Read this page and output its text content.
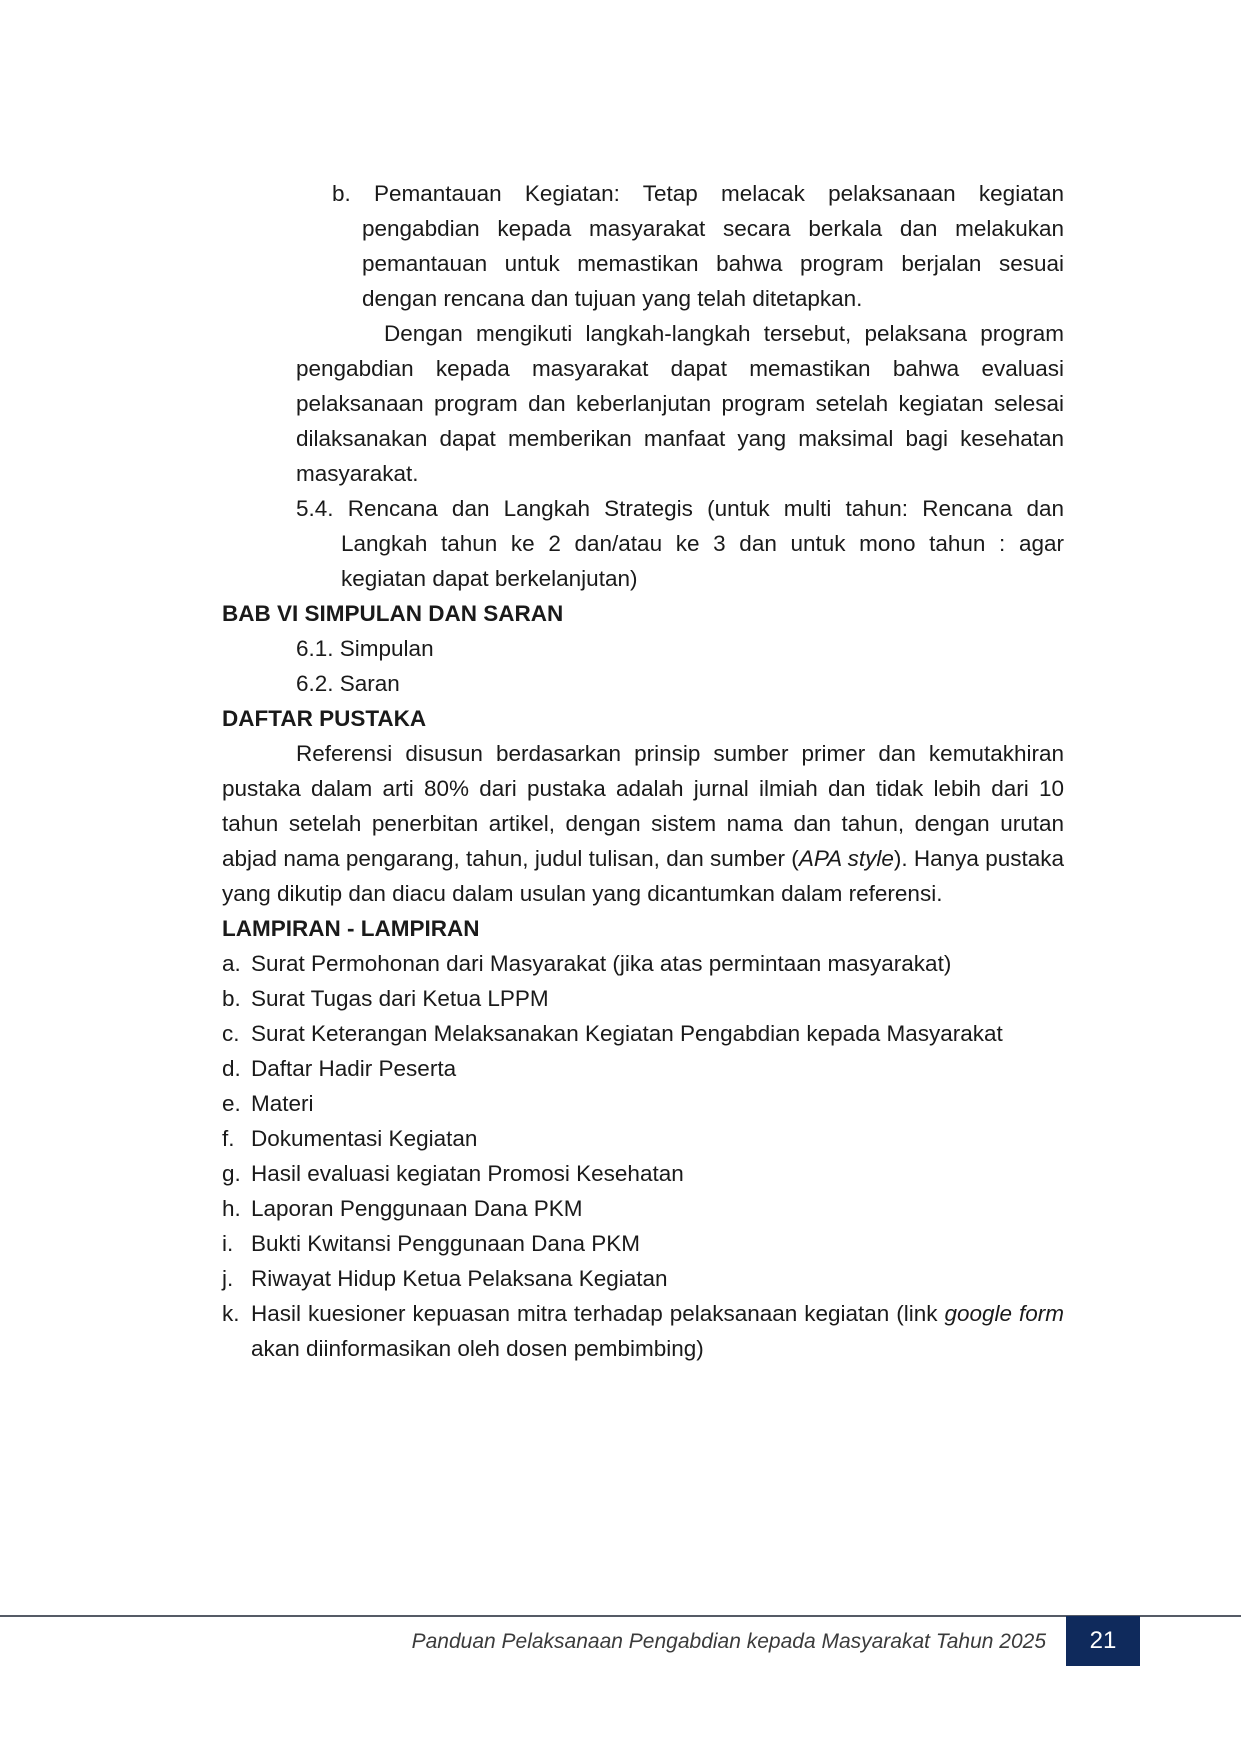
b. Pemantauan Kegiatan: Tetap melacak pelaksanaan kegiatan pengabdian kepada masyarakat secara berkala dan melakukan pemantauan untuk memastikan bahwa program berjalan sesuai dengan rencana dan tujuan yang telah ditetapkan.

Dengan mengikuti langkah-langkah tersebut, pelaksana program pengabdian kepada masyarakat dapat memastikan bahwa evaluasi pelaksanaan program dan keberlanjutan program setelah kegiatan selesai dilaksanakan dapat memberikan manfaat yang maksimal bagi kesehatan masyarakat.

5.4. Rencana dan Langkah Strategis (untuk multi tahun: Rencana dan Langkah tahun ke 2 dan/atau ke 3 dan untuk mono tahun : agar kegiatan dapat berkelanjutan)

BAB VI SIMPULAN DAN SARAN

6.1. Simpulan

6.2. Saran

DAFTAR PUSTAKA

Referensi disusun berdasarkan prinsip sumber primer dan kemutakhiran pustaka dalam arti 80% dari pustaka adalah jurnal ilmiah dan tidak lebih dari 10 tahun setelah penerbitan artikel, dengan sistem nama dan tahun, dengan urutan abjad nama pengarang, tahun, judul tulisan, dan sumber (APA style). Hanya pustaka yang dikutip dan diacu dalam usulan yang dicantumkan dalam referensi.

LAMPIRAN - LAMPIRAN

a. Surat Permohonan dari Masyarakat (jika atas permintaan masyarakat)
b. Surat Tugas dari Ketua LPPM
c. Surat Keterangan Melaksanakan Kegiatan Pengabdian kepada Masyarakat
d. Daftar Hadir Peserta
e. Materi
f. Dokumentasi Kegiatan
g. Hasil evaluasi kegiatan Promosi Kesehatan
h. Laporan Penggunaan Dana PKM
i. Bukti Kwitansi Penggunaan Dana PKM
j. Riwayat Hidup Ketua Pelaksana Kegiatan
k. Hasil kuesioner kepuasan mitra terhadap pelaksanaan kegiatan (link google form akan diinformasikan oleh dosen pembimbing)
Panduan Pelaksanaan Pengabdian kepada Masyarakat Tahun 2025 21
